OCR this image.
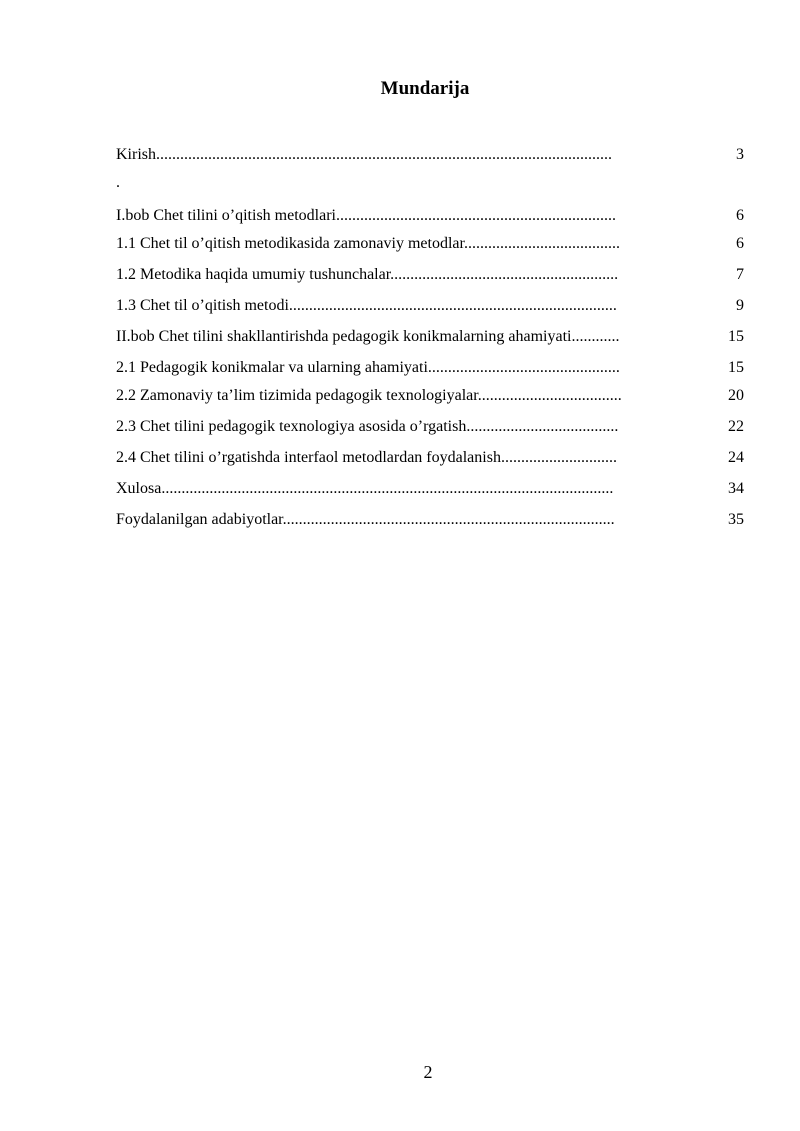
Mundarija
Kirish..................................................................................................................	3
.
I.bob Chet tilini o’qitish metodlari......................................................................	6
1.1 Chet til o’qitish metodikasida zamonaviy metodlar.......................................	6
1.2 Metodika haqida umumiy tushunchalar.........................................................	7
1.3 Chet til o’qitish metodi..................................................................................	9
II.bob Chet tilini shakllantirishda pedagogik konikmalarning ahamiyati............	15
2.1 Pedagogik konikmalar va ularning ahamiyati................................................	15
2.2 Zamonaviy ta’lim tizimida pedagogik texnologiyalar....................................	20
2.3 Chet tilini pedagogik texnologiya asosida o’rgatish......................................	22
2.4 Chet tilini o’rgatishda interfaol metodlardan foydalanish.............................	24
Xulosa.................................................................................................................	34
Foydalanilgan adabiyotlar...................................................................................	35
2
